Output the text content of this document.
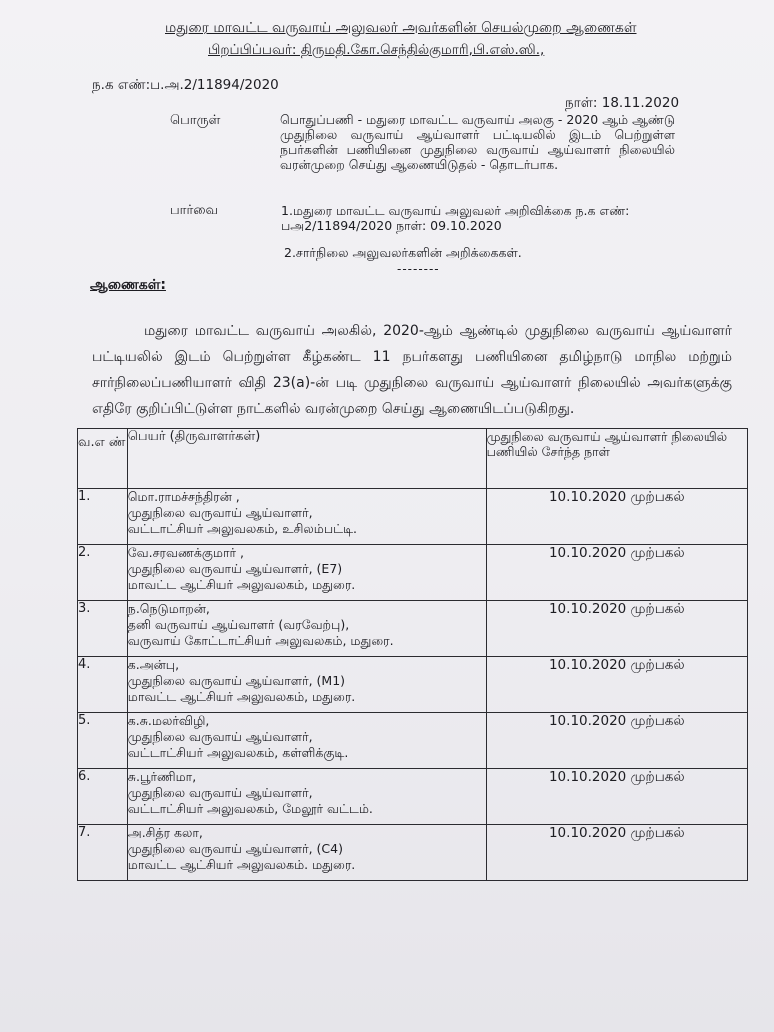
மதுரை மாவட்ட வருவாய் அலுவலர் அவர்களின் செயல்முறை ஆணைகள்
பிறப்பிப்பவர்: திருமதி.கோ.செந்தில்குமாரி,பி.எஸ்.ஸி.,
ந.க எண்:ப.அ.2/11894/2020
நாள்: 18.11.2020
பொருள்	பொதுப்பணி - மதுரை மாவட்ட வருவாய் அலகு - 2020 ஆம் ஆண்டு முதுநிலை வருவாய் ஆய்வாளர் பட்டியலில் இடம் பெற்றுள்ள நபர்களின் பணியினை முதுநிலை வருவாய் ஆய்வாளர் நிலையில் வரன்முறை செய்து ஆணையிடுதல் - தொடர்பாக.
பார்வை	1.மதுரை மாவட்ட வருவாய் அலுவலர் அறிவிக்கை ந.க எண்: பஅ2/11894/2020 நாள்: 09.10.2020
2.சார்நிலை அலுவலர்களின் அறிக்கைகள்.
--------
ஆணைகள்:
மதுரை மாவட்ட வருவாய் அலகில், 2020-ஆம் ஆண்டில் முதுநிலை வருவாய் ஆய்வாளர் பட்டியலில் இடம் பெற்றுள்ள கீழ்கண்ட 11 நபர்களது பணியினை தமிழ்நாடு மாநில மற்றும் சார்நிலைப்பணியாளர் விதி 23(a)-ன் படி முதுநிலை வருவாய் ஆய்வாளர் நிலையில் அவர்களுக்கு எதிரே குறிப்பிட்டுள்ள நாட்களில் வரன்முறை செய்து ஆணையிடப்படுகிறது.
வ.எ ண்	பெயர் (திருவாளர்கள்)	முதுநிலை வருவாய் ஆய்வாளர் நிலையில் பணியில் சேர்ந்த நாள்
1.	மொ.ராமச்சந்திரன் ,
முதுநிலை வருவாய் ஆய்வாளர்,
வட்டாட்சியர் அலுவலகம், உசிலம்பட்டி.	10.10.2020 முற்பகல்
2.	வே.சரவணக்குமார் ,
முதுநிலை வருவாய் ஆய்வாளர், (E7)
மாவட்ட ஆட்சியர் அலுவலகம், மதுரை.	10.10.2020 முற்பகல்
3.	ந.நெடுமாறன்,
தனி வருவாய் ஆய்வாளர் (வரவேற்பு),
வருவாய் கோட்டாட்சியர் அலுவலகம், மதுரை.	10.10.2020 முற்பகல்
4.	க.அன்பு,
முதுநிலை வருவாய் ஆய்வாளர், (M1)
மாவட்ட ஆட்சியர் அலுவலகம், மதுரை.	10.10.2020 முற்பகல்
5.	க.சு.மலர்விழி,
முதுநிலை வருவாய் ஆய்வாளர்,
வட்டாட்சியர் அலுவலகம், கள்ளிக்குடி.	10.10.2020 முற்பகல்
6.	சு.பூர்ணிமா,
முதுநிலை வருவாய் ஆய்வாளர்,
வட்டாட்சியர் அலுவலகம், மேலூர் வட்டம்.	10.10.2020 முற்பகல்
7.	அ.சித்ர கலா,
முதுநிலை வருவாய் ஆய்வாளர், (C4)
மாவட்ட ஆட்சியர் அலுவலகம். மதுரை.	10.10.2020 முற்பகல்
